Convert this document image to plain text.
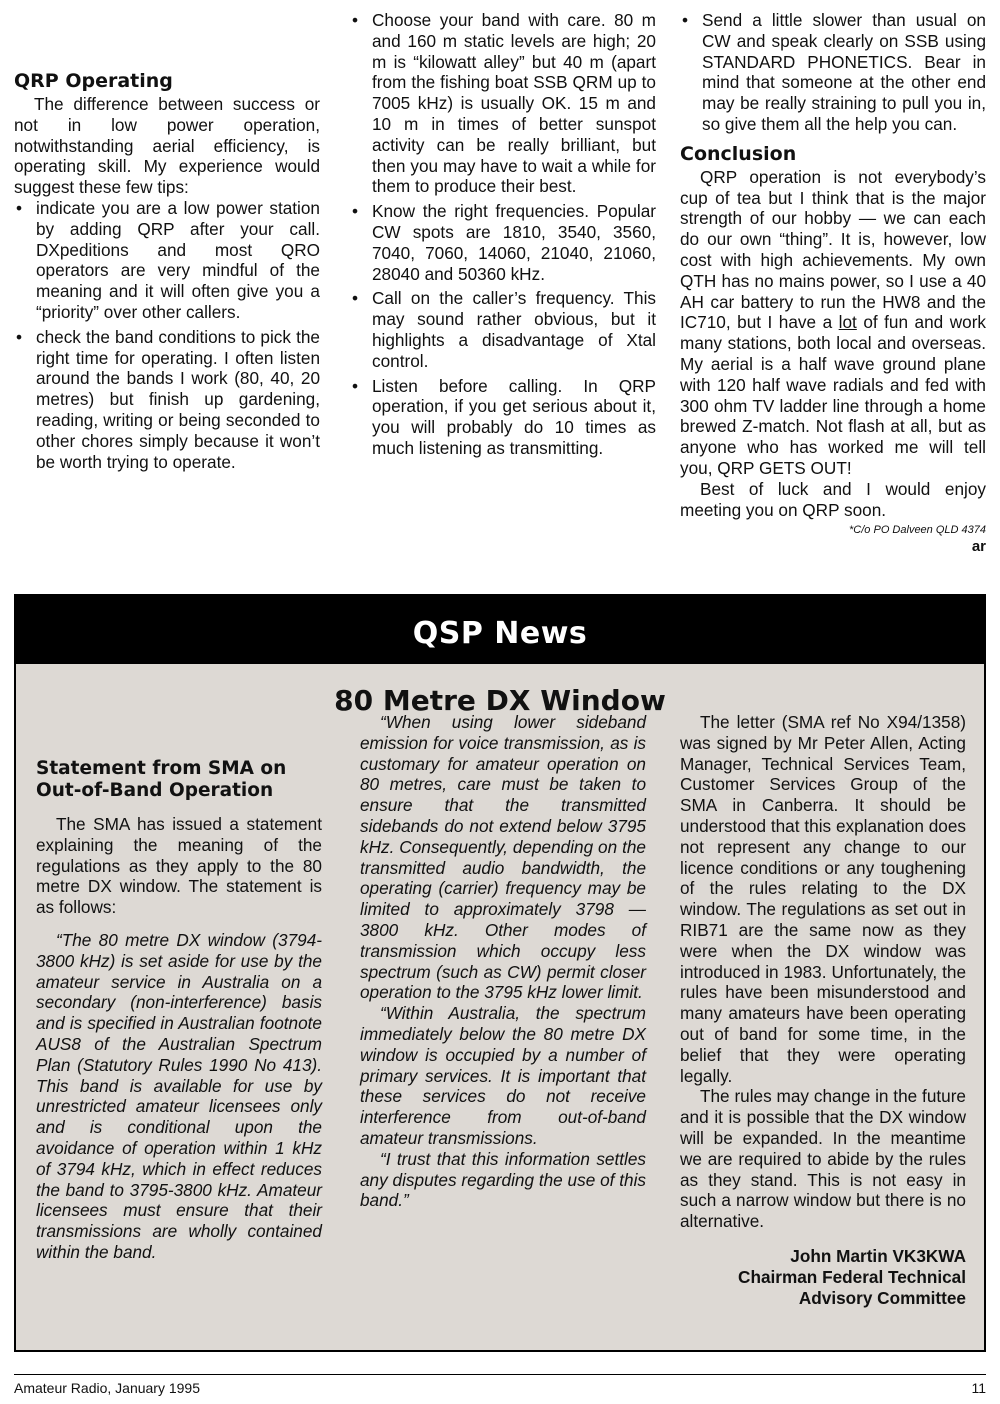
QRP Operating

The difference between success or not in low power operation, notwithstanding aerial efficiency, is operating skill. My experience would suggest these few tips:

• indicate you are a low power station by adding QRP after your call. DXpeditions and most QRO operators are very mindful of the meaning and it will often give you a “priority” over other callers.
• check the band conditions to pick the right time for operating. I often listen around the bands I work (80, 40, 20 metres) but finish up gardening, reading, writing or being seconded to other chores simply because it won’t be worth trying to operate.
• Choose your band with care. 80 m and 160 m static levels are high; 20 m is “kilowatt alley” but 40 m (apart from the fishing boat SSB QRM up to 7005 kHz) is usually OK. 15 m and 10 m in times of better sunspot activity can be really brilliant, but then you may have to wait a while for them to produce their best.
• Know the right frequencies. Popular CW spots are 1810, 3540, 3560, 7040, 7060, 14060, 21040, 21060, 28040 and 50360 kHz.
• Call on the caller’s frequency. This may sound rather obvious, but it highlights a disadvantage of Xtal control.
• Listen before calling. In QRP operation, if you get serious about it, you will probably do 10 times as much listening as transmitting.
• Send a little slower than usual on CW and speak clearly on SSB using STANDARD PHONETICS. Bear in mind that someone at the other end may be really straining to pull you in, so give them all the help you can.
Conclusion

QRP operation is not everybody’s cup of tea but I think that is the major strength of our hobby — we can each do our own “thing”. It is, however, low cost with high achievements. My own QTH has no mains power, so I use a 40 AH car battery to run the HW8 and the IC710, but I have a lot of fun and work many stations, both local and overseas. My aerial is a half wave ground plane with 120 half wave radials and fed with 300 ohm TV ladder line through a home brewed Z-match. Not flash at all, but as anyone who has worked me will tell you, QRP GETS OUT!

Best of luck and I would enjoy meeting you on QRP soon.

*C/o PO Dalveen QLD 4374
ar
QSP News
80 Metre DX Window
Statement from SMA on Out-of-Band Operation

The SMA has issued a statement explaining the meaning of the regulations as they apply to the 80 metre DX window. The statement is as follows:

“The 80 metre DX window (3794-3800 kHz) is set aside for use by the amateur service in Australia on a secondary (non-interference) basis and is specified in Australian footnote AUS8 of the Australian Spectrum Plan (Statutory Rules 1990 No 413). This band is available for use by unrestricted amateur licensees only and is conditional upon the avoidance of operation within 1 kHz of 3794 kHz, which in effect reduces the band to 3795-3800 kHz. Amateur licensees must ensure that their transmissions are wholly contained within the band.

“When using lower sideband emission for voice transmission, as is customary for amateur operation on 80 metres, care must be taken to ensure that the transmitted sidebands do not extend below 3795 kHz. Consequently, depending on the transmitted audio bandwidth, the operating (carrier) frequency may be limited to approximately 3798 — 3800 kHz. Other modes of transmission which occupy less spectrum (such as CW) permit closer operation to the 3795 kHz lower limit.

“Within Australia, the spectrum immediately below the 80 metre DX window is occupied by a number of primary services. It is important that these services do not receive interference from out-of-band amateur transmissions.

“I trust that this information settles any disputes regarding the use of this band.”

The letter (SMA ref No X94/1358) was signed by Mr Peter Allen, Acting Manager, Technical Services Team, Customer Services Group of the SMA in Canberra. It should be understood that this explanation does not represent any change to our licence conditions or any toughening of the rules relating to the DX window. The regulations as set out in RIB71 are the same now as they were when the DX window was introduced in 1983. Unfortunately, the rules have been misunderstood and many amateurs have been operating out of band for some time, in the belief that they were operating legally.

The rules may change in the future and it is possible that the DX window will be expanded. In the meantime we are required to abide by the rules as they stand. This is not easy in such a narrow window but there is no alternative.

John Martin VK3KWA
Chairman Federal Technical
Advisory Committee
Amateur Radio, January 1995	11
